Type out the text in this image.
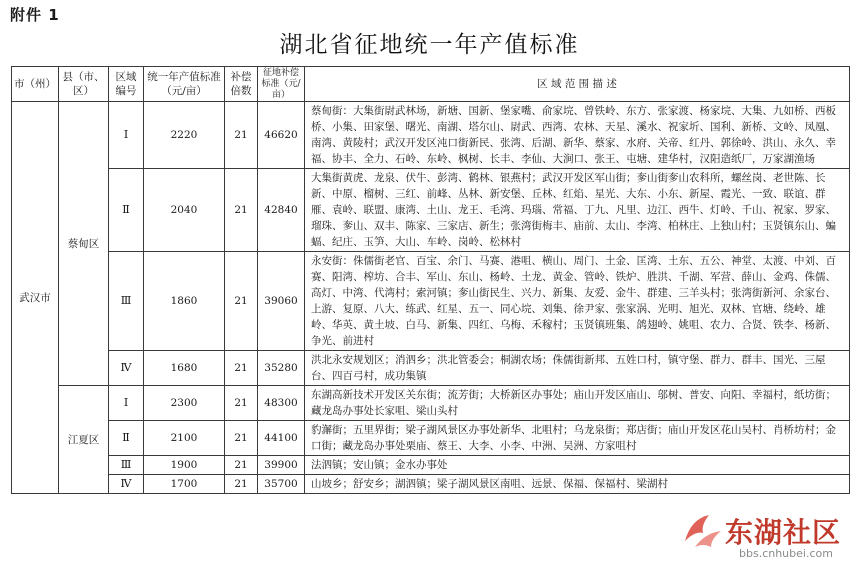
附件 1
湖北省征地统一年产值标准
市（州）	县（市、区）	区域编号	统一年产值标准（元/亩）	补偿倍数	征地补偿标准（元/亩）	区 域 范 围 描 述
武汉市	蔡甸区	Ⅰ	2220	21	46620	蔡甸街：大集街尉武林场，新塘、国新、堡家嘴、俞家垸、曾铁岭、东方、张家渡、杨家垸、大集、九如桥、西板桥、小集、田家堡、曙光、南湖、塔尔山、尉武、西湾、农林、天星、溪水、祝家圻、国利、新桥、文岭、凤凰、南湾、黄陵村；武汉开发区沌口街新民、张湾、后湖、新华、蔡家、水府、关帝、红丹、郭徐岭、洪山、永久、幸福、协丰、全力、石岭、东岭、枫树、长丰、李仙、大涧口、张王、屯塘、建华村，汉阳造纸厂，万家湖渔场
		Ⅱ	2040	21	42840	大集街黄虎、龙泉、伏牛、彭湾、鹤林、银燕村；武汉开发区军山街；奓山街奓山农科所，螺丝岗、老世陈、长新、中原、榴树、三红、前峰、丛林、新安堡、丘林、红焰、星光、大东、小东、新屋、霞光、一致、联谊、群雁、袁岭、联盟、康湾、土山、龙王、毛湾、玛瑙、常福、丁九、凡里、边江、西牛、灯岭、千山、祝家、罗家、瑠珠、奓山、双丰、陈家、三家店、新生；张湾街梅丰、庙前、太山、李湾、柏林庄、上独山村；玉贤镇东山、蝙蝠、纪庄、玉笋、大山、车岭、岗岭、松林村
		Ⅲ	1860	21	39060	永安街：侏儒街老官、百宝、余门、马赛、港咀、横山、周门、土金、匡湾、土东、五公、神堂、太渡、中刘、百赛、阳湾、榨坊、合丰、军山、东山、杨岭、土龙、黄金、管岭、铁炉、胜洪、千湖、军营、薛山、金鸡、侏儒、高灯、中湾、代湾村；索河镇；奓山街民生、兴力、新集、友爱、金牛、群建、三羊头村；张湾街新河、余家台、上游、复原、八大、练武、红星、五一、同心垸、刘集、徐尹家、张家涡、光明、旭光、双林、官塘、绕岭、雄岭、华英、黄土坡、白马、新集、四红、乌梅、禾稼村；玉贤镇班集、鸽翅岭、姚咀、农力、合贤、铁李、杨新、争光、前进村
		Ⅳ	1680	21	35280	洪北永安规划区；消泗乡；洪北管委会；桐湖农场；侏儒街新邦、五姓口村，镇守堡、群力、群丰、国光、三屋台、四百弓村，成功集镇
	江夏区	Ⅰ	2300	21	48300	东湖高新技术开发区关东街；流芳街；大桥新区办事处；庙山开发区庙山、邬树、普安、向阳、幸福村，纸坊街；藏龙岛办事处长家咀、梁山头村
		Ⅱ	2100	21	44100	豹澥街；五里界街；梁子湖风景区办事处新华、北咀村；乌龙泉街；郑店街；庙山开发区花山吴村、肖桥坊村；金口街；藏龙岛办事处栗庙、蔡王、大李、小李、中洲、吴洲、方家咀村
		Ⅲ	1900	21	39900	法泗镇；安山镇；金水办事处
		Ⅳ	1700	21	35700	山坡乡；舒安乡；湖泗镇；梁子湖风景区南咀、远景、保福、保福村、梁湖村
东湖社区
bbs.cnhubei.com
